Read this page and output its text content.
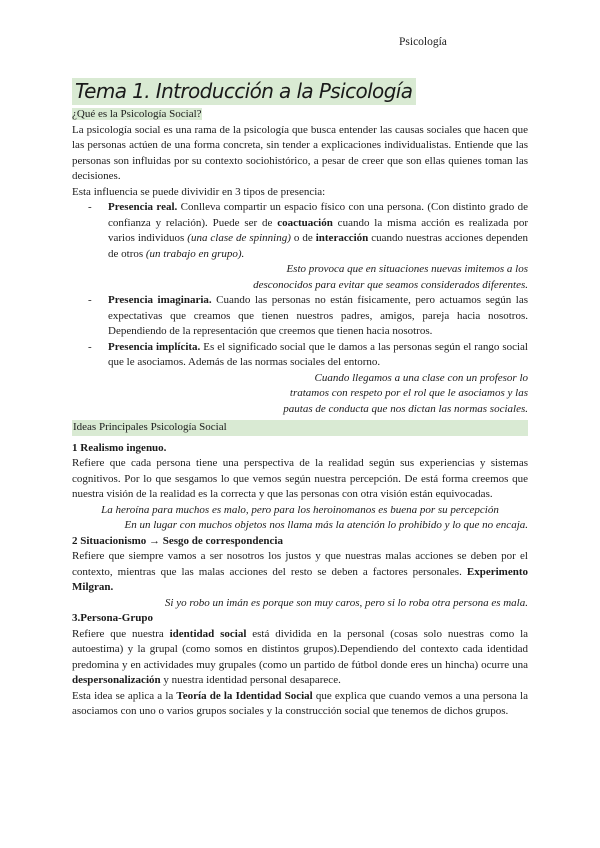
Psicología
Tema 1. Introducción a la Psicología
¿Qué es la Psicología Social?

La psicología social es una rama de la psicología que busca entender las causas sociales que hacen que las personas actúen de una forma concreta, sin tender a explicaciones individualistas. Entiende que las personas son influidas por su contexto sociohistórico, a pesar de creer que son ellas quienes toman las decisiones.

Esta influencia se puede divividir en 3 tipos de presencia:

- Presencia real. Conlleva compartir un espacio físico con una persona. (Con distinto grado de confianza y relación). Puede ser de coactuación cuando la misma acción es realizada por varios individuos (una clase de spinning) o de interacción cuando nuestras acciones dependen de otros (un trabajo en grupo).

Esto provoca que en situaciones nuevas imitemos a los
desconocidos para evitar que seamos considerados diferentes.
- Presencia imaginaria. Cuando las personas no están físicamente, pero actuamos según las expectativas que creamos que tienen nuestros padres, amigos, pareja hacia nosotros. Dependiendo de la representación que creemos que tienen hacia nosotros.

- Presencia implícita. Es el significado social que le damos a las personas según el rango social que le asociamos. Además de las normas sociales del entorno.

Cuando llegamos a una clase con un profesor lo
tratamos con respeto por el rol que le asociamos y las
pautas de conducta que nos dictan las normas sociales.
Ideas Principales Psicología Social

1 Realismo ingenuo.

Refiere que cada persona tiene una perspectiva de la realidad según sus experiencias y sistemas cognitivos. Por lo que sesgamos lo que vemos según nuestra percepción. De está forma creemos que nuestra visión de la realidad es la correcta y que las personas con otra visión están equivocadas.

La heroína para muchos es malo, pero para los heroinomanos es buena por su percepción
En un lugar con muchos objetos nos llama más la atención lo prohibido y lo que no encaja.

2 Situacionismo → Sesgo de correspondencia

Refiere que siempre vamos a ser nosotros los justos y que nuestras malas acciones se deben por el contexto, mientras que las malas acciones del resto se deben a factores personales. Experimento Milgran.

Si yo robo un imán es porque son muy caros, pero si lo roba otra persona es mala.

3.Persona-Grupo

Refiere que nuestra identidad social está dividida en la personal (cosas solo nuestras como la autoestima) y la grupal (como somos en distintos grupos).Dependiendo del contexto cada identidad predomina y en actividades muy grupales (como un partido de fútbol donde eres un hincha) ocurre una despersonalización y nuestra identidad personal desaparece.

Esta idea se aplica a la Teoría de la Identidad Social que explica que cuando vemos a una persona la asociamos con uno o varios grupos sociales y la construcción social que tenemos de dichos grupos.
